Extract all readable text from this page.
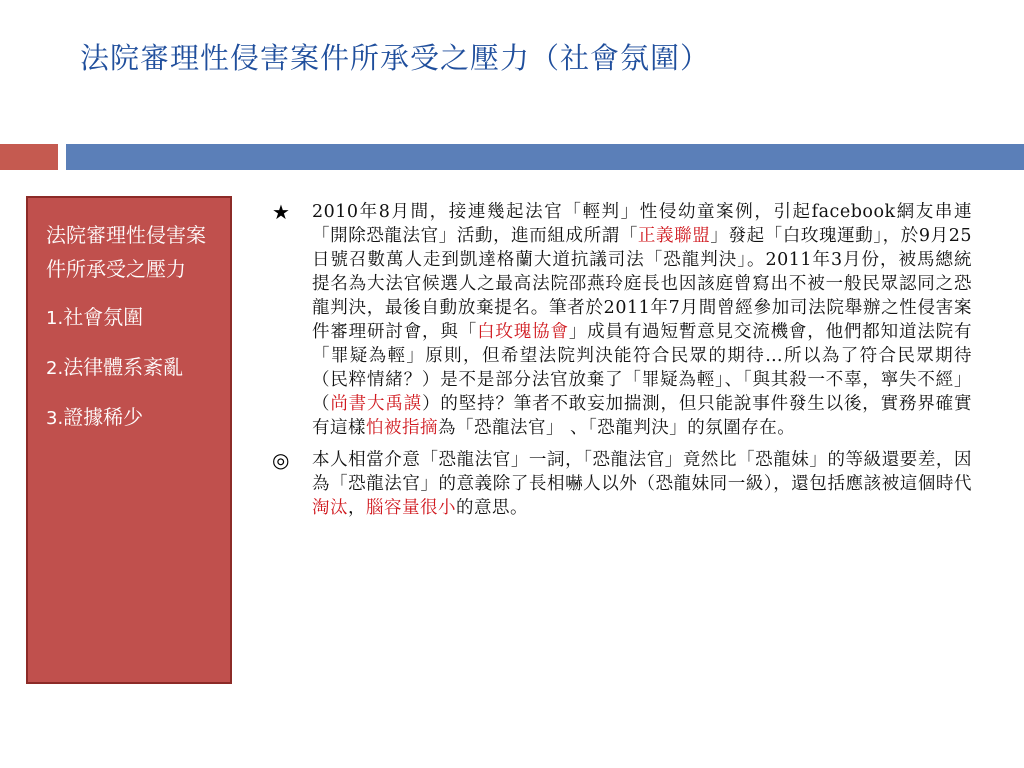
法院審理性侵害案件所承受之壓力（社會氛圍）

法院審理性侵害案件所承受之壓力

1.社會氛圍

2.法律體系紊亂

3.證據稀少

★	2010年8月間，接連幾起法官「輕判」性侵幼童案例，引起facebook網友串連「開除恐龍法官」活動，進而組成所謂「正義聯盟」發起「白玫瑰運動」，於9月25日號召數萬人走到凱達格蘭大道抗議司法「恐龍判決」。2011年3月份，被馬總統提名為大法官候選人之最高法院邵燕玲庭長也因該庭曾寫出不被一般民眾認同之恐龍判決，最後自動放棄提名。筆者於2011年7月間曾經參加司法院舉辦之性侵害案件審理研討會，與「白玫瑰協會」成員有過短暫意見交流機會，他們都知道法院有「罪疑為輕」原則，但希望法院判決能符合民眾的期待…所以為了符合民眾期待（民粹情緒？）是不是部分法官放棄了「罪疑為輕」、「與其殺一不辜，寧失不經」（尚書大禹謨）的堅持？筆者不敢妄加揣測，但只能說事件發生以後，實務界確實有這樣怕被指摘為「恐龍法官」 、「恐龍判決」的氛圍存在。
◎	本人相當介意「恐龍法官」一詞，「恐龍法官」竟然比「恐龍妹」的等級還要差，因為「恐龍法官」的意義除了長相嚇人以外（恐龍妹同一級），還包括應該被這個時代淘汰，腦容量很小的意思。
